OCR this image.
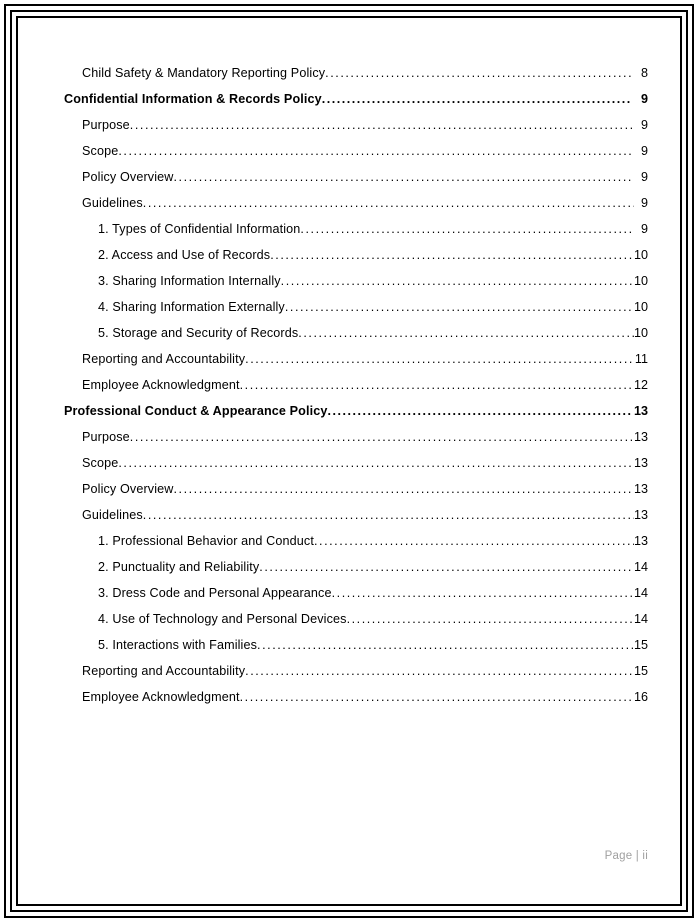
Child Safety & Mandatory Reporting Policy .....	8
Confidential Information & Records Policy .....	9
Purpose .....	9
Scope .....	9
Policy Overview .....	9
Guidelines .....	9
1. Types of Confidential Information .....	9
2. Access and Use of Records .....	10
3. Sharing Information Internally .....	10
4. Sharing Information Externally .....	10
5. Storage and Security of Records .....	10
Reporting and Accountability .....	11
Employee Acknowledgment .....	12
Professional Conduct & Appearance Policy .....	13
Purpose .....	13
Scope .....	13
Policy Overview .....	13
Guidelines .....	13
1. Professional Behavior and Conduct .....	13
2. Punctuality and Reliability .....	14
3. Dress Code and Personal Appearance .....	14
4. Use of Technology and Personal Devices .....	14
5. Interactions with Families .....	15
Reporting and Accountability .....	15
Employee Acknowledgment .....	16
Page | ii
